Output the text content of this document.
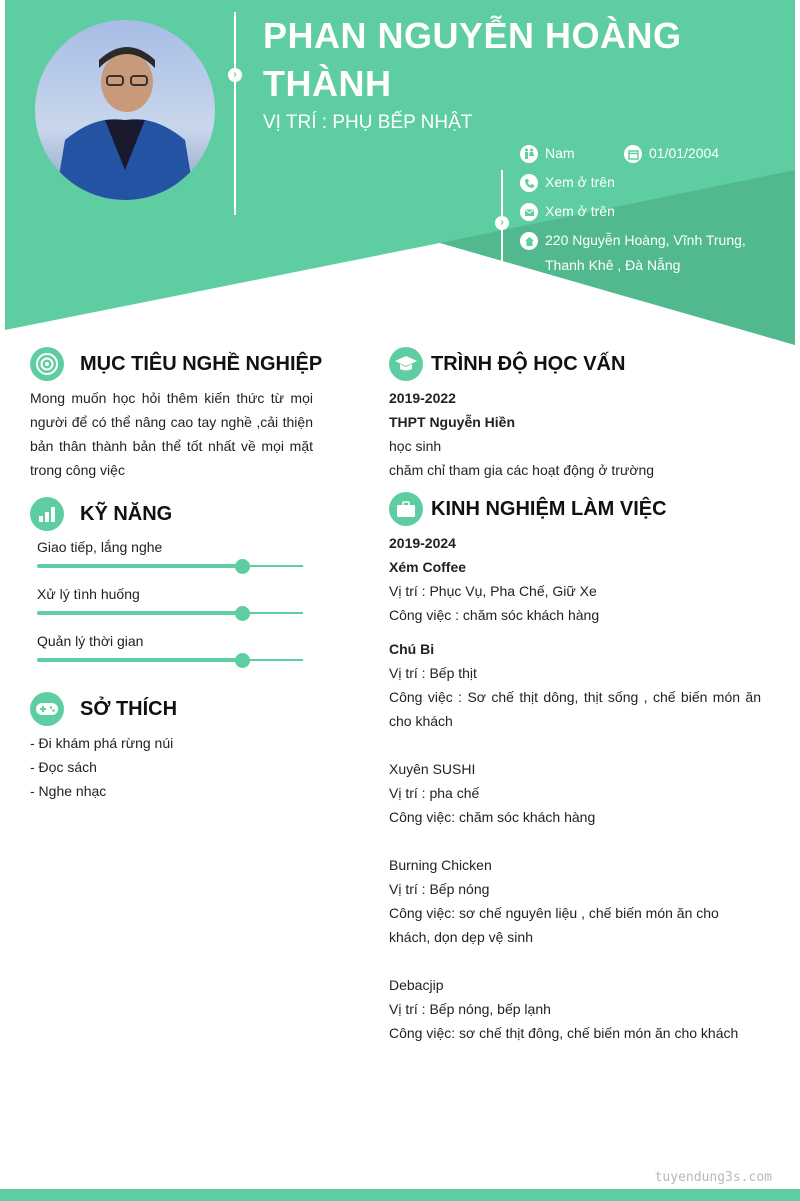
›
›
PHAN NGUYỄN HOÀNG THÀNH
VỊ TRÍ : PHỤ BẾP NHẬT
Nam	01/01/2004
Xem ở trên
Xem ở trên
220 Nguyễn Hoàng, Vĩnh Trung,
Thanh Khê , Đà Nẵng
MỤC TIÊU NGHỀ NGHIỆP
Mong muốn học hỏi thêm kiến thức từ mọi người để có thể nâng cao tay nghề ,cải thiện bản thân thành bản thể tốt nhất về mọi mặt trong công việc
KỸ NĂNG
Giao tiếp, lắng nghe
Xử lý tình huống
Quản lý thời gian
SỞ THÍCH
- Đi khám phá rừng núi
- Đọc sách
- Nghe nhạc
TRÌNH ĐỘ HỌC VẤN
2019-2022
THPT Nguyễn Hiền
học sinh
chăm chỉ tham gia các hoạt động ở trường
KINH NGHIỆM LÀM VIỆC
2019-2024
Xém Coffee
Vị trí : Phục Vụ, Pha Chế, Giữ Xe
Công việc : chăm sóc khách hàng
Chú Bi
Vị trí : Bếp thịt
Công việc : Sơ chế thịt dông, thịt sống , chế biến món ăn cho khách
Xuyên SUSHI
Vị trí : pha chế
Công việc: chăm sóc khách hàng
Burning Chicken
Vị trí : Bếp nóng
Công việc: sơ chế nguyên liệu , chế biến món ăn cho khách, dọn dẹp vệ sinh
Debacjip
Vị trí : Bếp nóng, bếp lạnh
Công việc: sơ chế thịt đông, chế biến món ăn cho khách
tuyendung3s.com
